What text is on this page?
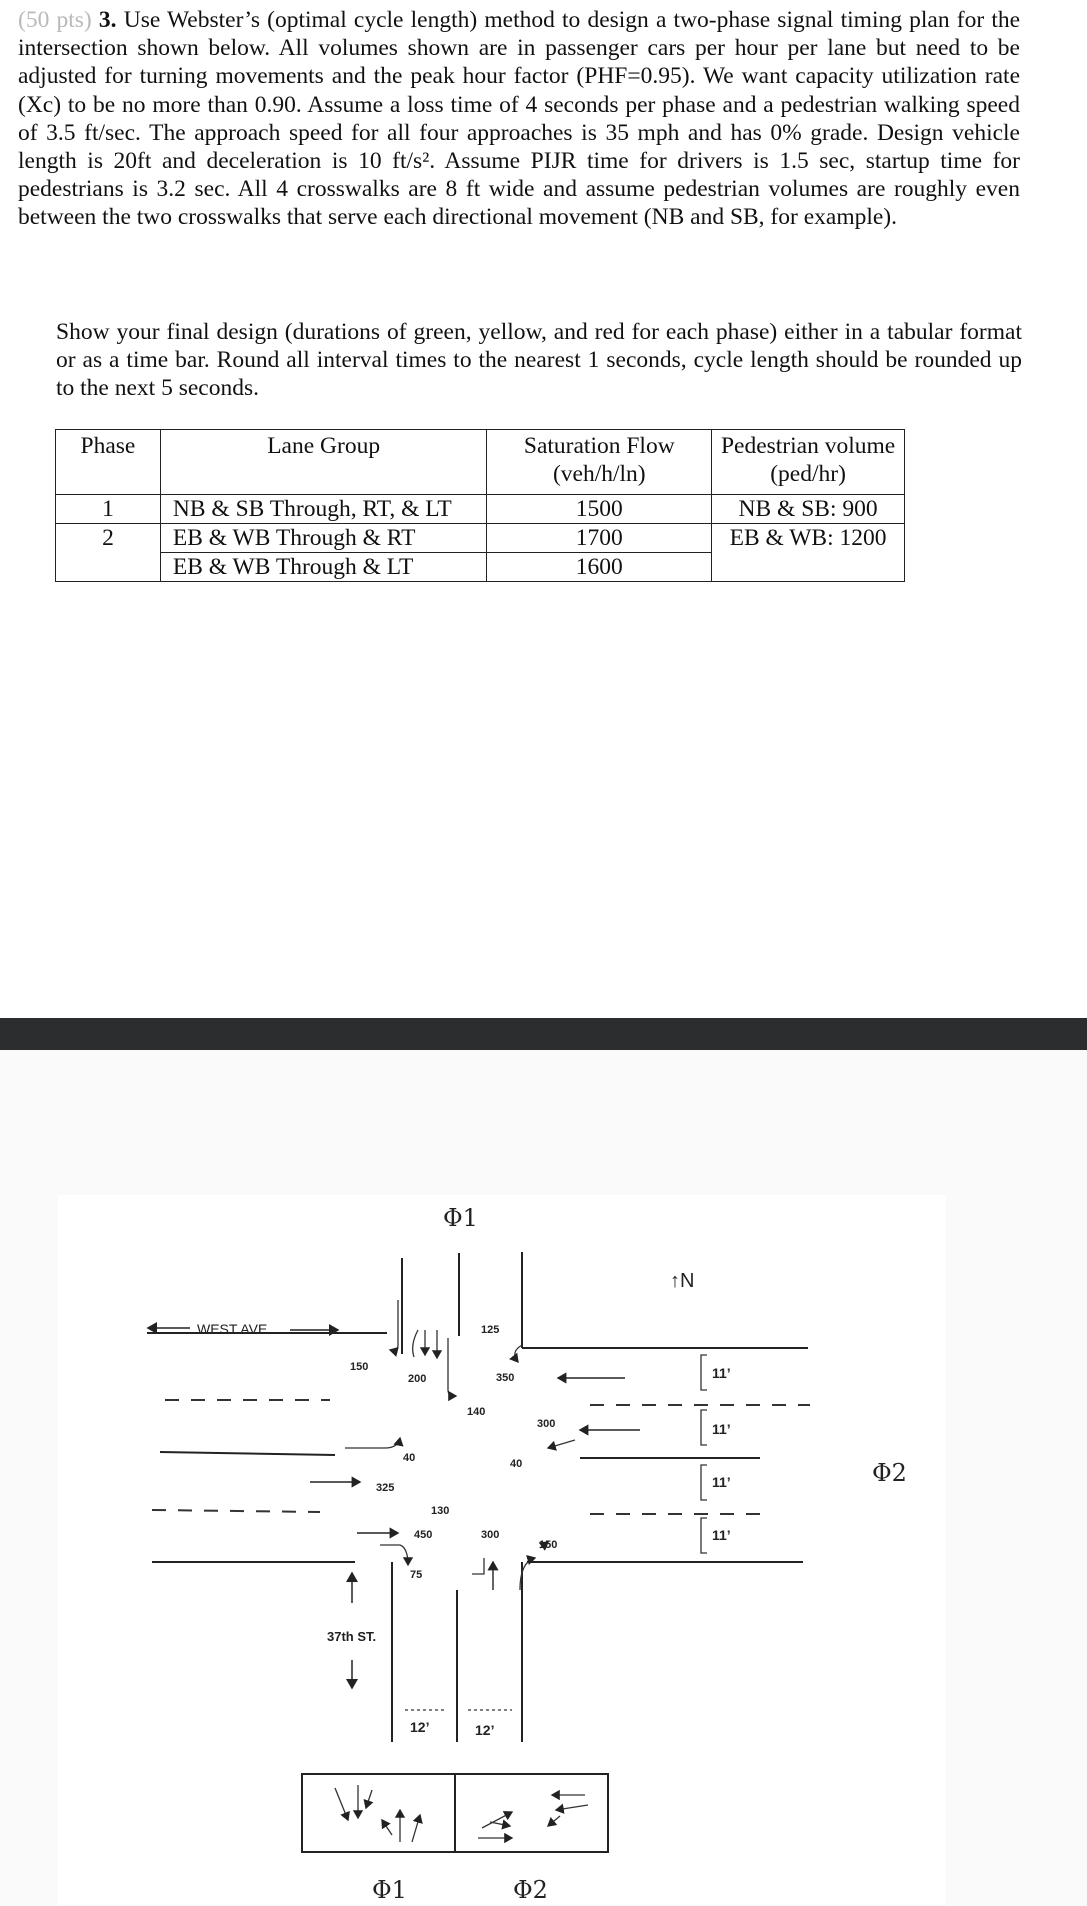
(50 pts) 3. Use Webster’s (optimal cycle length) method to design a two-phase signal timing plan for the intersection shown below. All volumes shown are in passenger cars per hour per lane but need to be adjusted for turning movements and the peak hour factor (PHF=0.95). We want capacity utilization rate (Xc) to be no more than 0.90. Assume a loss time of 4 seconds per phase and a pedestrian walking speed of 3.5 ft/sec. The approach speed for all four approaches is 35 mph and has 0% grade. Design vehicle length is 20ft and deceleration is 10 ft/s². Assume PIJR time for drivers is 1.5 sec, startup time for pedestrians is 3.2 sec. All 4 crosswalks are 8 ft wide and assume pedestrian volumes are roughly even between the two crosswalks that serve each directional movement (NB and SB, for example).

Show your final design (durations of green, yellow, and red for each phase) either in a tabular format or as a time bar. Round all interval times to the nearest 1 seconds, cycle length should be rounded up to the next 5 seconds.

Phase	Lane Group	Saturation Flow (veh/h/ln)	Pedestrian volume (ped/hr)
1	NB & SB Through, RT, & LT	1500	NB & SB: 900
2	EB & WB Through & RT	1700	EB & WB: 1200
	EB & WB Through & LT	1600	
Φ1
↑N
WEST AVE.
12’	12’
37th ST.
125
150
200	350
140
300
40	40
325
130
450	300
150
75
11’
11’
11’
11’
Φ2
Φ1	Φ2
